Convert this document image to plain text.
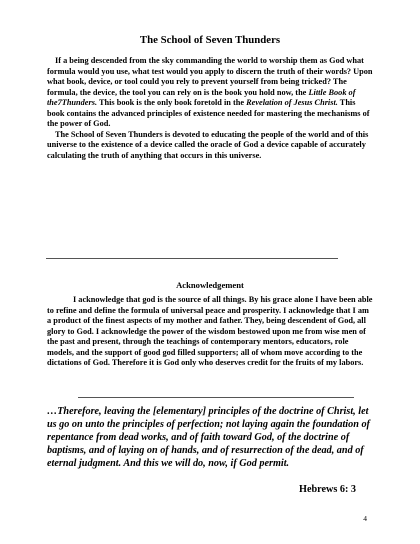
The School of Seven Thunders

If a being descended from the sky commanding the world to worship them as God what formula would you use, what test would you apply to discern the truth of their words? Upon what book, device, or tool could you rely to prevent yourself from being tricked? The formula, the device, the tool you can rely on is the book you hold now, the Little Book of the7Thunders. This book is the only book foretold in the Revelation of Jesus Christ. This book contains the advanced principles of existence needed for mastering the mechanisms of the power of God.

The School of Seven Thunders is devoted to educating the people of the world and of this universe to the existence of a device called the oracle of God a device capable of accurately calculating the truth of anything that occurs in this universe.

Acknowledgement

I acknowledge that god is the source of all things. By his grace alone I have been able to refine and define the formula of universal peace and prosperity. I acknowledge that I am a product of the finest aspects of my mother and father. They, being descendent of God, all glory to God. I acknowledge the power of the wisdom bestowed upon me from wise men of the past and present, through the teachings of contemporary mentors, educators, role models, and the support of good god filled supporters; all of whom move according to the dictations of God. Therefore it is God only who deserves credit for the fruits of my labors.

…Therefore, leaving the [elementary] principles of the doctrine of Christ, let us go on unto the principles of perfection; not laying again the foundation of repentance from dead works, and of faith toward God, of the doctrine of baptisms, and of laying on of hands, and of resurrection of the dead, and of eternal judgment. And this we will do, now, if God permit.

Hebrews 6: 3
4
